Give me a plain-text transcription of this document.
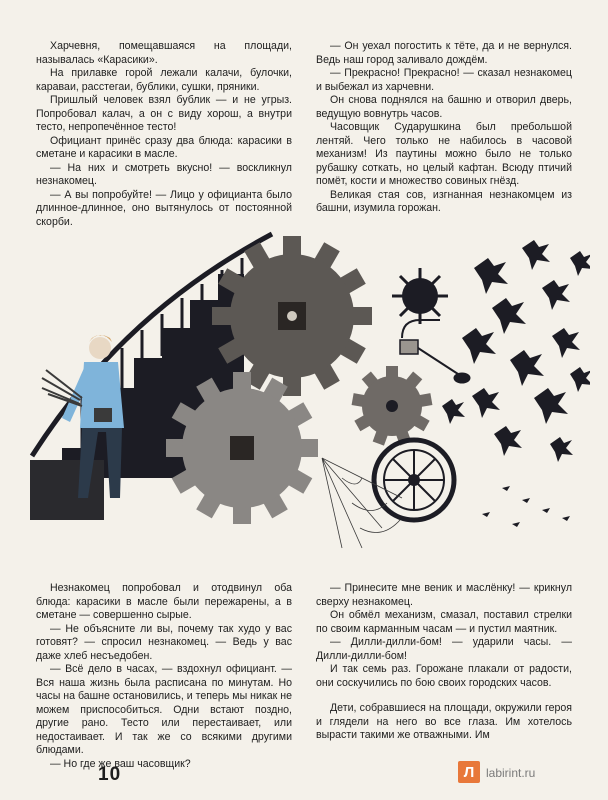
Харчевня, помещавшаяся на площади, называлась «Карасики».

На прилавке горой лежали калачи, булочки, караваи, расстегаи, бублики, сушки, пряники.

Пришлый человек взял бублик — и не угрыз. Попробовал калач, а он с виду хорош, а внутри тесто, непропечённое тесто!

Официант принёс сразу два блюда: карасики в сметане и карасики в масле.

— На них и смотреть вкусно! — воскликнул незнакомец.

— А вы попробуйте! — Лицо у официанта было длинное-длинное, оно вытянулось от постоянной скорби.

— Он уехал погостить к тёте, да и не вернулся. Ведь наш город заливало дождём.

— Прекрасно! Прекрасно! — сказал незнакомец и выбежал из харчевни.

Он снова поднялся на башню и отворил дверь, ведущую вовнутрь часов.

Часовщик Сударушкина был пребольшой лентяй. Чего только не набилось в часовой механизм! Из паутины можно было не только рубашку соткать, но целый кафтан. Всюду птичий помёт, кости и множество совиных гнёзд.

Великая стая сов, изгнанная незнакомцем из башни, изумила горожан.

Незнакомец попробовал и отодвинул оба блюда: карасики в масле были пережарены, а в сметане — совершенно сырые.

— Не объясните ли вы, почему так худо у вас готовят? — спросил незнакомец. — Ведь у вас даже хлеб несъедобен.

— Всё дело в часах, — вздохнул официант. — Вся наша жизнь была расписана по минутам. Но часы на башне остановились, и теперь мы никак не можем приспособиться. Одни встают поздно, другие рано. Тесто или перестаивает, или недостаивает. И так же со всякими другими блюдами.

— Но где же ваш часовщик?

— Принесите мне веник и маслёнку! — крикнул сверху незнакомец.

Он обмёл механизм, смазал, поставил стрелки по своим карманным часам — и пустил маятник.

— Дилли-дилли-бом! — ударили часы. — Дилли-дилли-бом!

И так семь раз. Горожане плакали от радости, они соскучились по бою своих городских часов.

Дети, собравшиеся на площади, окружили героя и глядели на него во все глаза. Им хотелось вырасти такими же отважными. Им

10	Л labirint.ru
